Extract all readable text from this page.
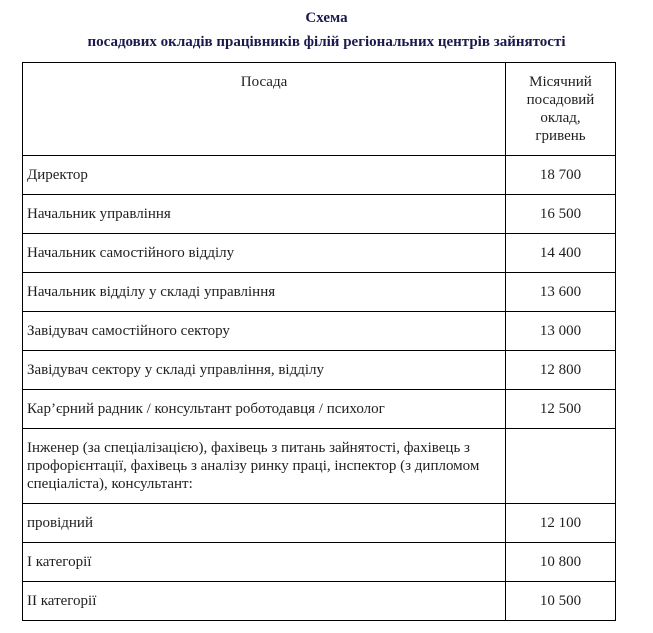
Схема
посадових окладів працівників філій регіональних центрів зайнятості
Посада	Місячний посадовий оклад, гривень

Директор	18 700
Начальник управління	16 500
Начальник самостійного відділу	14 400
Начальник відділу у складі управління	13 600
Завідувач самостійного сектору	13 000
Завідувач сектору у складі управління, відділу	12 800
Кар’єрний радник / консультант роботодавця / психолог	12 500
Інженер (за спеціалізацією), фахівець з питань зайнятості, фахівець з профорієнтації, фахівець з аналізу ринку праці, інспектор (з дипломом спеціаліста), консультант:	
провідний	12 100
І категорії	10 800
ІІ категорії	10 500
